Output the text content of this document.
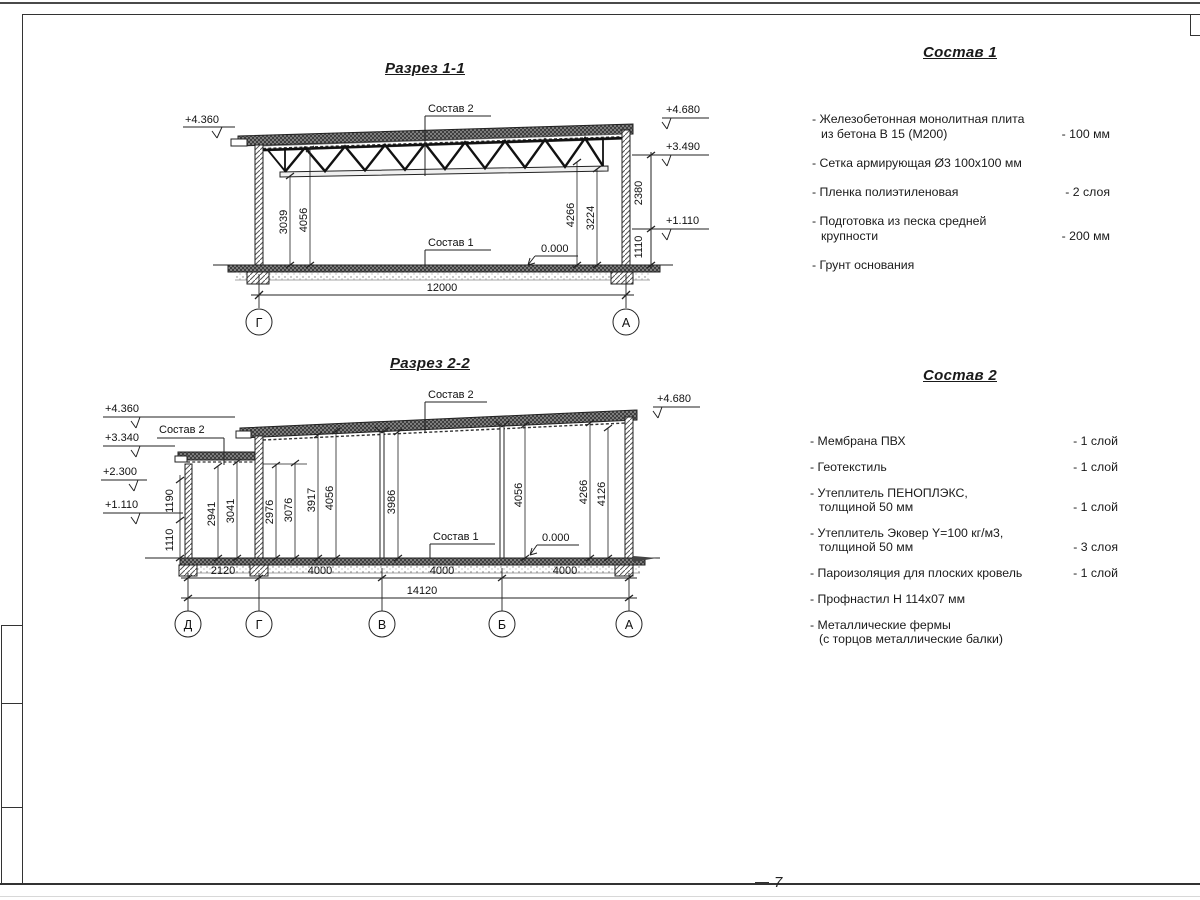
7
Разрез 1-1
Разрез 2-2
Состав 1
Состав 2
- Железобетонная монолитная плита
из бетона В 15 (М200)	- 100 мм
- Сетка армирующая Ø3 100х100 мм
- Пленка полиэтиленовая	- 2 слоя
- Подготовка из песка средней
крупности	- 200 мм
- Грунт основания
- Мембрана ПВХ	- 1 слой
- Геотекстиль	- 1 слой
- Утеплитель ПЕНОПЛЭКС,
толщиной 50 мм	- 1 слой
- Утеплитель Эковер Y=100 кг/м3,
толщиной 50 мм	- 3 слоя
- Пароизоляция для плоских кровель	- 1 слой
- Профнастил Н 114х07 мм
- Металлические фермы
(с торцов металлические балки)
Состав 2
Состав 1	0.000
+4.360
+4.680
+3.490
+1.110
2380
1110
3039 4056	4266 3224
12000
Г	А
Состав 2
Состав 2
Состав 1	0.000
+4.360
+3.340
+2.300
+1.110
+4.680
1190
1110
2941 3041 2976 3076 3917 4056	3986	4056	4266 4126
2120	4000	4000	4000
14120
Д	Г	В	Б	А
